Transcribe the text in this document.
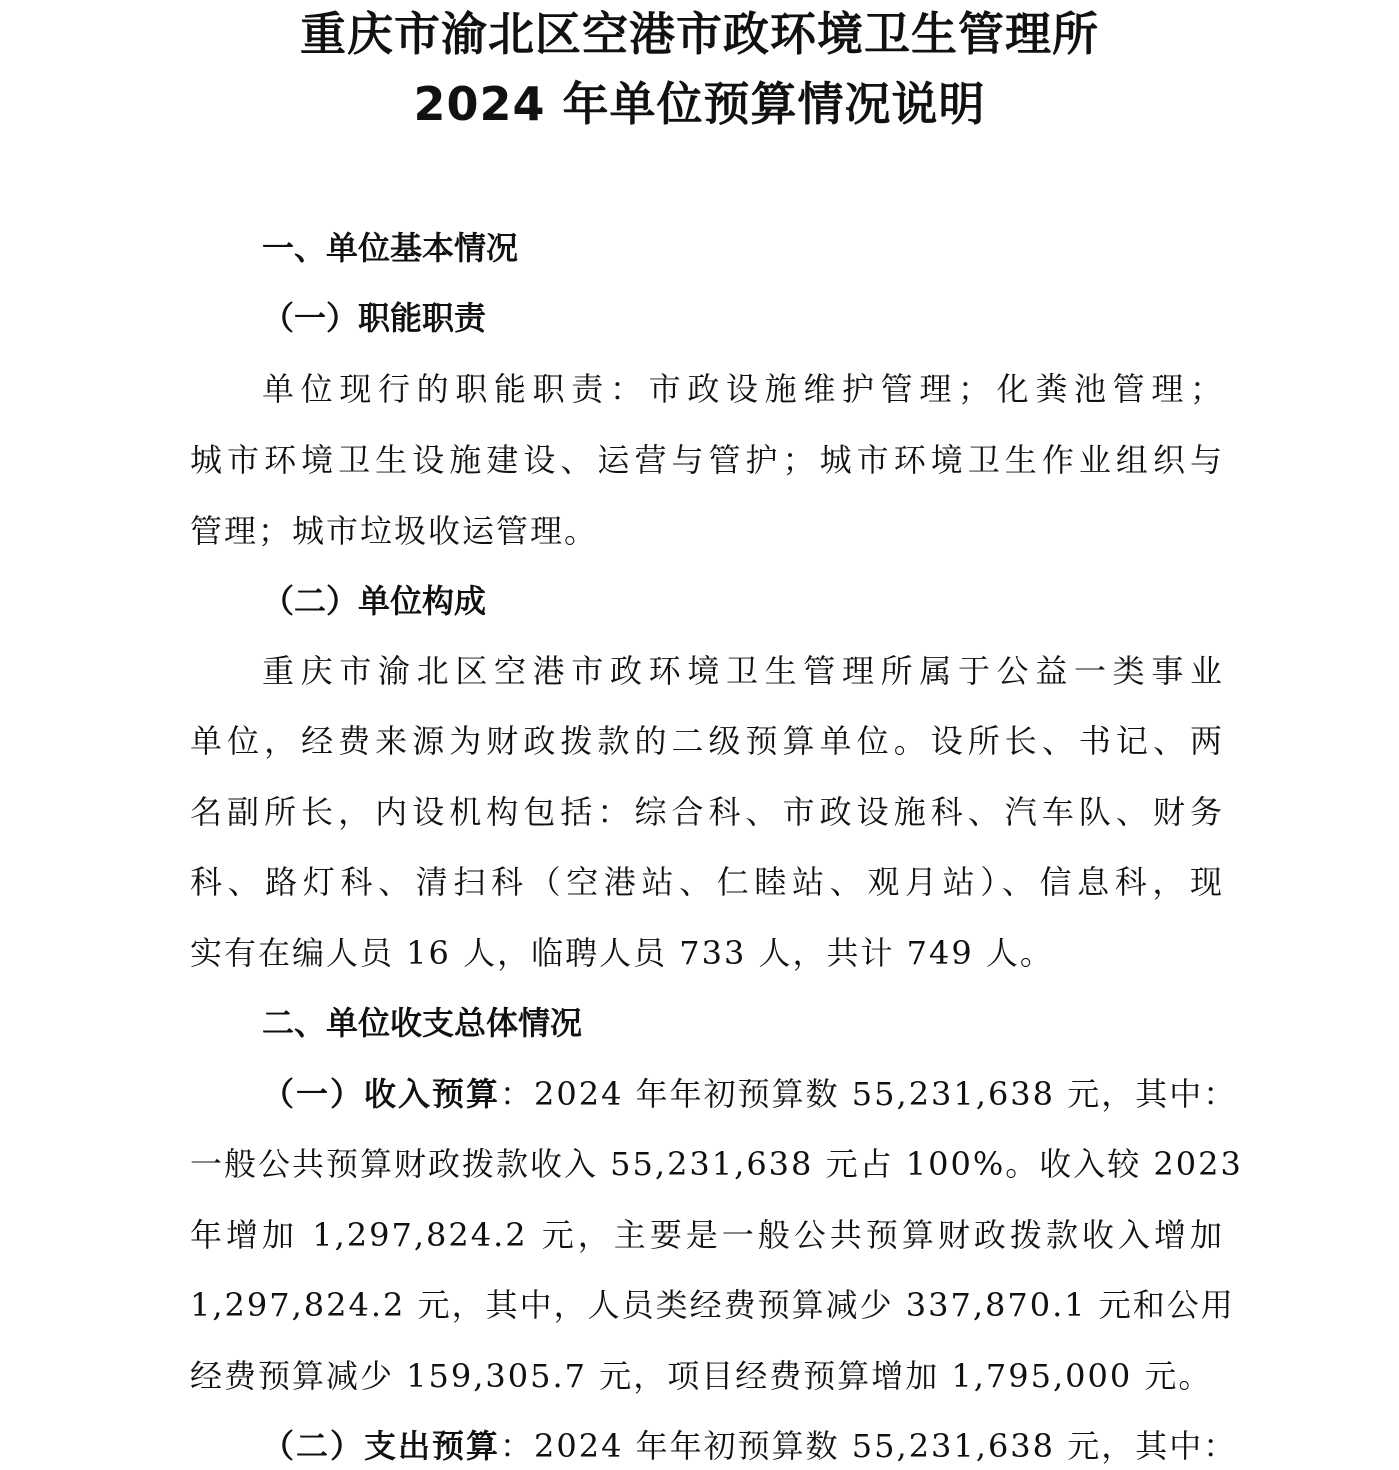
重庆市渝北区空港市政环境卫生管理所
2024 年单位预算情况说明
一、单位基本情况
（一）职能职责
单位现行的职能职责：市政设施维护管理；化粪池管理；
城市环境卫生设施建设、运营与管护；城市环境卫生作业组织与
管理；城市垃圾收运管理。
（二）单位构成
重庆市渝北区空港市政环境卫生管理所属于公益一类事业
单位，经费来源为财政拨款的二级预算单位。设所长、书记、两
名副所长，内设机构包括：综合科、市政设施科、汽车队、财务
科、路灯科、清扫科（空港站、仁睦站、观月站）、信息科，现
实有在编人员 16 人，临聘人员 733 人，共计 749 人。
二、单位收支总体情况
（一）收入预算：2024 年年初预算数 55,231,638 元，其中：
一般公共预算财政拨款收入 55,231,638 元占 100%。收入较 2023
年增加 1,297,824.2 元，主要是一般公共预算财政拨款收入增加
1,297,824.2 元，其中，人员类经费预算减少 337,870.1 元和公用
经费预算减少 159,305.7 元，项目经费预算增加 1,795,000 元。
（二）支出预算：2024 年年初预算数 55,231,638 元，其中：
